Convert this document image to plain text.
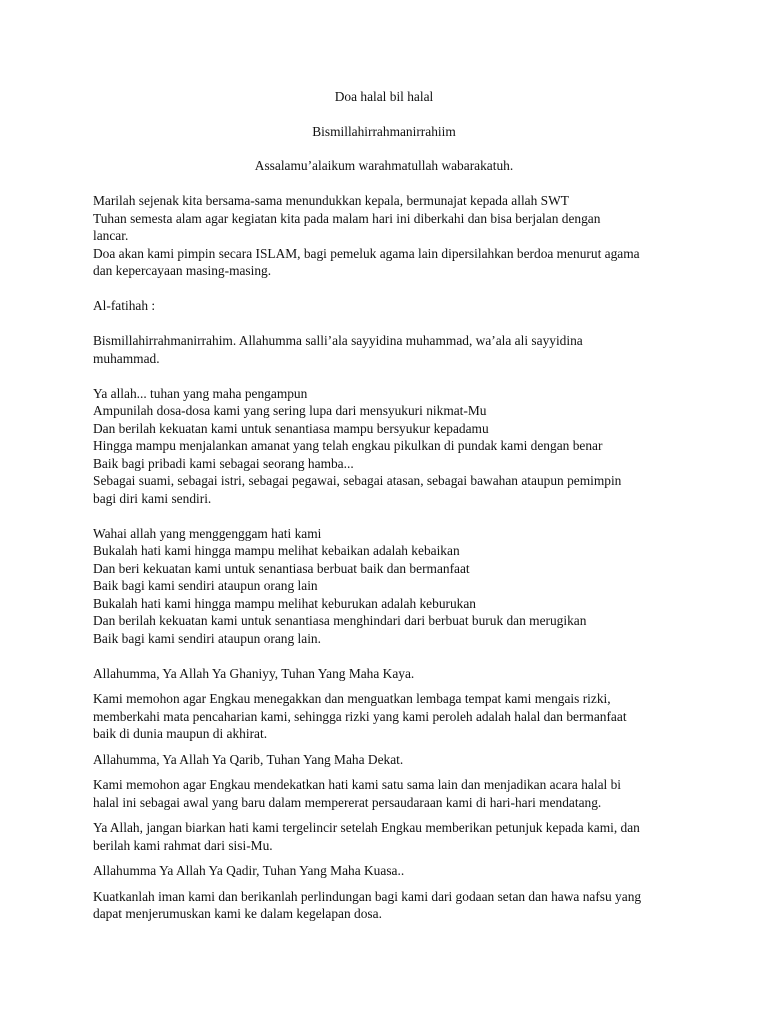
Doa halal bil halal
Bismillahirrahmanirrahiim
Assalamu’alaikum warahmatullah wabarakatuh.
Marilah sejenak kita bersama-sama menundukkan kepala, bermunajat kepada allah SWT
Tuhan semesta alam agar kegiatan kita pada malam hari ini diberkahi dan bisa berjalan dengan
lancar.
Doa akan kami pimpin secara ISLAM, bagi pemeluk agama lain dipersilahkan berdoa menurut agama
dan kepercayaan masing-masing.
Al-fatihah :
Bismillahirrahmanirrahim. Allahumma salli’ala sayyidina muhammad, wa’ala ali sayyidina
muhammad.
Ya allah... tuhan yang maha pengampun
Ampunilah dosa-dosa kami yang sering lupa dari mensyukuri nikmat-Mu
Dan berilah kekuatan kami untuk senantiasa mampu bersyukur kepadamu
Hingga mampu menjalankan amanat yang telah engkau pikulkan di pundak kami dengan benar
Baik bagi pribadi kami sebagai seorang hamba...
Sebagai suami, sebagai istri, sebagai pegawai, sebagai atasan, sebagai bawahan ataupun pemimpin
bagi diri kami sendiri.
Wahai allah yang menggenggam hati kami
Bukalah hati kami hingga mampu melihat kebaikan adalah kebaikan
Dan beri kekuatan kami untuk senantiasa berbuat baik dan bermanfaat
Baik bagi kami sendiri ataupun orang lain
Bukalah hati kami hingga mampu melihat keburukan adalah keburukan
Dan berilah kekuatan kami untuk senantiasa menghindari dari berbuat buruk dan merugikan
Baik bagi kami sendiri ataupun orang lain.
Allahumma, Ya Allah Ya Ghaniyy, Tuhan Yang Maha Kaya.
Kami memohon agar Engkau menegakkan dan menguatkan lembaga tempat kami mengais rizki,
memberkahi mata pencaharian kami, sehingga rizki yang kami peroleh adalah halal dan bermanfaat
baik di dunia maupun di akhirat.
Allahumma, Ya Allah Ya Qarib, Tuhan Yang Maha Dekat.
Kami memohon agar Engkau mendekatkan hati kami satu sama lain dan menjadikan acara halal bi
halal ini sebagai awal yang baru dalam mempererat persaudaraan kami di hari-hari mendatang.
Ya Allah, jangan biarkan hati kami tergelincir setelah Engkau memberikan petunjuk kepada kami, dan
berilah kami rahmat dari sisi-Mu.
Allahumma Ya Allah Ya Qadir, Tuhan Yang Maha Kuasa..
Kuatkanlah iman kami dan berikanlah perlindungan bagi kami dari godaan setan dan hawa nafsu yang
dapat menjerumuskan kami ke dalam kegelapan dosa.
